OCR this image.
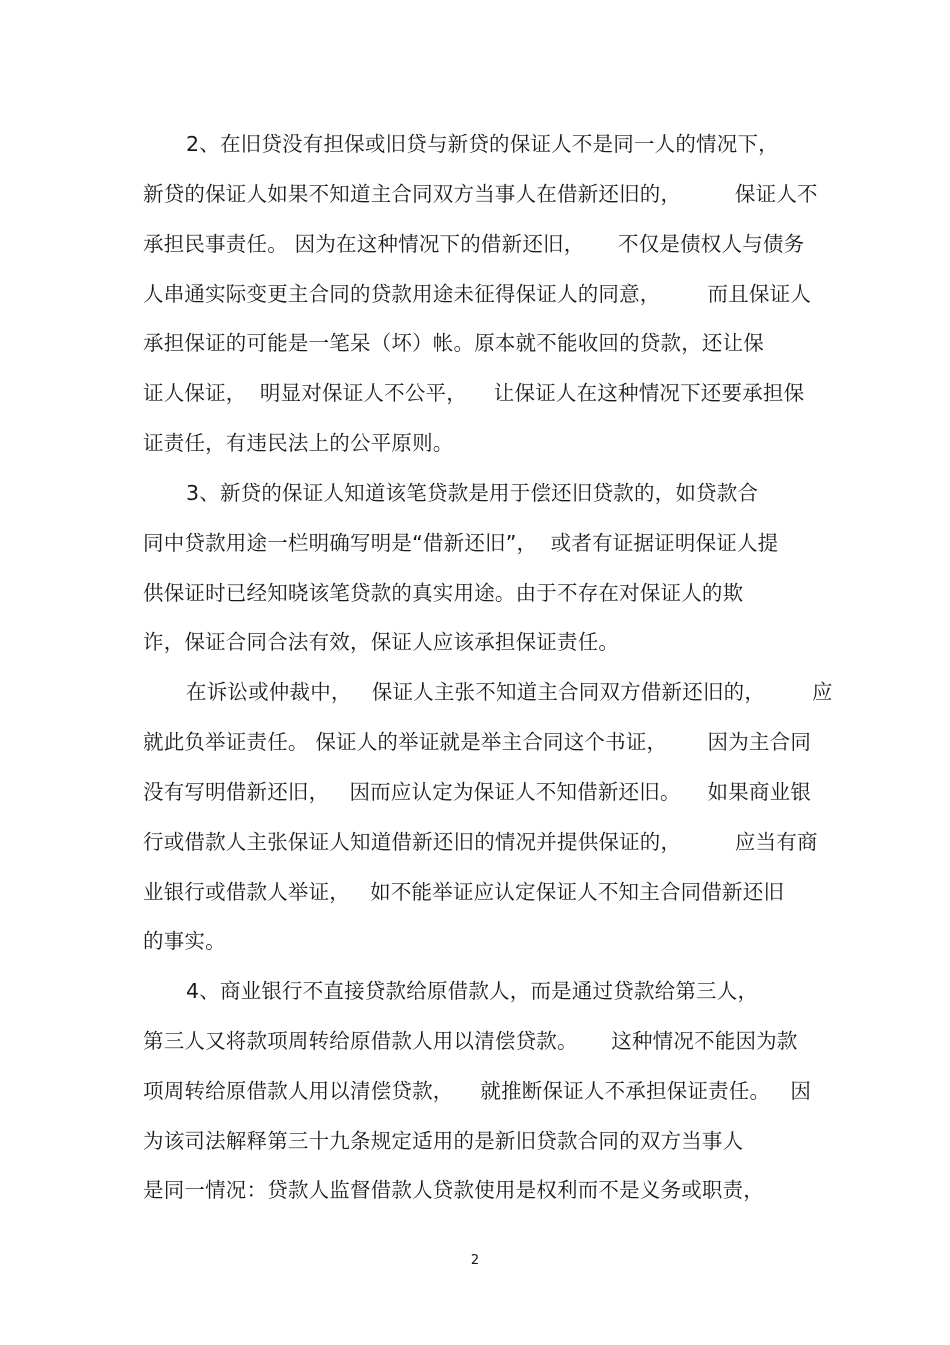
2、在旧贷没有担保或旧贷与新贷的保证人不是同一人的情况下，
新贷的保证人如果不知道主合同双方当事人在借新还旧的，        保证人不
承担民事责任。 因为在这种情况下的借新还旧，     不仅是债权人与债务
人串通实际变更主合同的贷款用途未征得保证人的同意，       而且保证人
承担保证的可能是一笔呆（坏）帐。原本就不能收回的贷款，还让保
证人保证，  明显对保证人不公平，    让保证人在这种情况下还要承担保
证责任，有违民法上的公平原则。
3、新贷的保证人知道该笔贷款是用于偿还旧贷款的，如贷款合
同中贷款用途一栏明确写明是“借新还旧”，  或者有证据证明保证人提
供保证时已经知晓该笔贷款的真实用途。由于不存在对保证人的欺
诈，保证合同合法有效，保证人应该承担保证责任。
在诉讼或仲裁中，   保证人主张不知道主合同双方借新还旧的，       应
就此负举证责任。 保证人的举证就是举主合同这个书证，      因为主合同
没有写明借新还旧，   因而应认定为保证人不知借新还旧。    如果商业银
行或借款人主张保证人知道借新还旧的情况并提供保证的，        应当有商
业银行或借款人举证，   如不能举证应认定保证人不知主合同借新还旧
的事实。
4、商业银行不直接贷款给原借款人，而是通过贷款给第三人，
第三人又将款项周转给原借款人用以清偿贷款。     这种情况不能因为款
项周转给原借款人用以清偿贷款，    就推断保证人不承担保证责任。   因
为该司法解释第三十九条规定适用的是新旧贷款合同的双方当事人
是同一情况：贷款人监督借款人贷款使用是权利而不是义务或职责，
2
